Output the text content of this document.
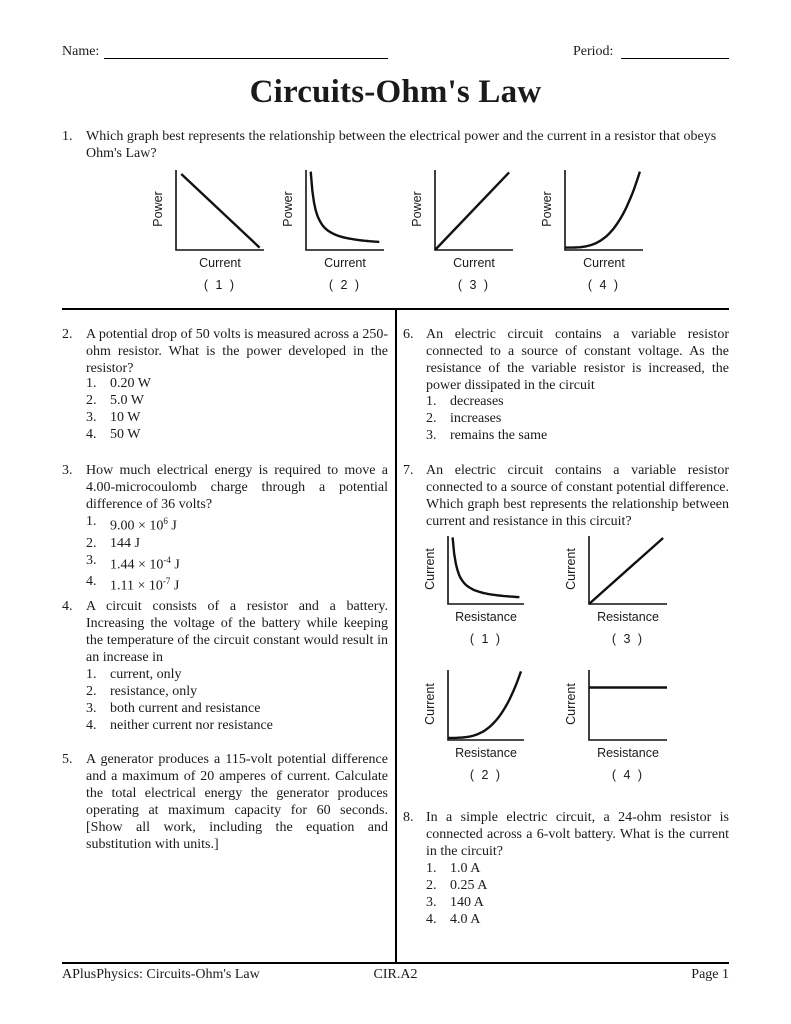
Name:	Period:
Circuits-Ohm's Law
1. Which graph best represents the relationship between the electrical power and the current in a resistor that obeys Ohm's Law?
Power
Current
( 1 )
Power
Current
( 2 )
Power
Current
( 3 )
Power
Current
( 4 )
2. A potential drop of 50 volts is measured across a 250-ohm resistor. What is the power developed in the resistor?
1. 0.20 W
2. 5.0 W
3. 10 W
4. 50 W
3. How much electrical energy is required to move a 4.00-microcoulomb charge through a potential difference of 36 volts?
1. $9.00 \times 10^6$ J
2. 144 J
3. $1.44 \times 10^{-4}$ J
4. $1.11 \times 10^{-7}$ J
4. A circuit consists of a resistor and a battery. Increasing the voltage of the battery while keeping the temperature of the circuit constant would result in an increase in
1. current, only
2. resistance, only
3. both current and resistance
4. neither current nor resistance
5. A generator produces a 115-volt potential difference and a maximum of 20 amperes of current. Calculate the total electrical energy the generator produces operating at maximum capacity for 60 seconds. [Show all work, including the equation and substitution with units.]
6. An electric circuit contains a variable resistor connected to a source of constant voltage. As the resistance of the variable resistor is increased, the power dissipated in the circuit
1. decreases
2. increases
3. remains the same
7. An electric circuit contains a variable resistor connected to a source of constant potential difference. Which graph best represents the relationship between current and resistance in this circuit?
Current
Resistance
( 1 )
Current
Resistance
( 3 )
Current
Resistance
( 2 )
Current
Resistance
( 4 )
8. In a simple electric circuit, a 24-ohm resistor is connected across a 6-volt battery. What is the current in the circuit?
1. 1.0 A
2. 0.25 A
3. 140 A
4. 4.0 A
APlusPhysics: Circuits-Ohm's Law	CIR.A2	Page 1
